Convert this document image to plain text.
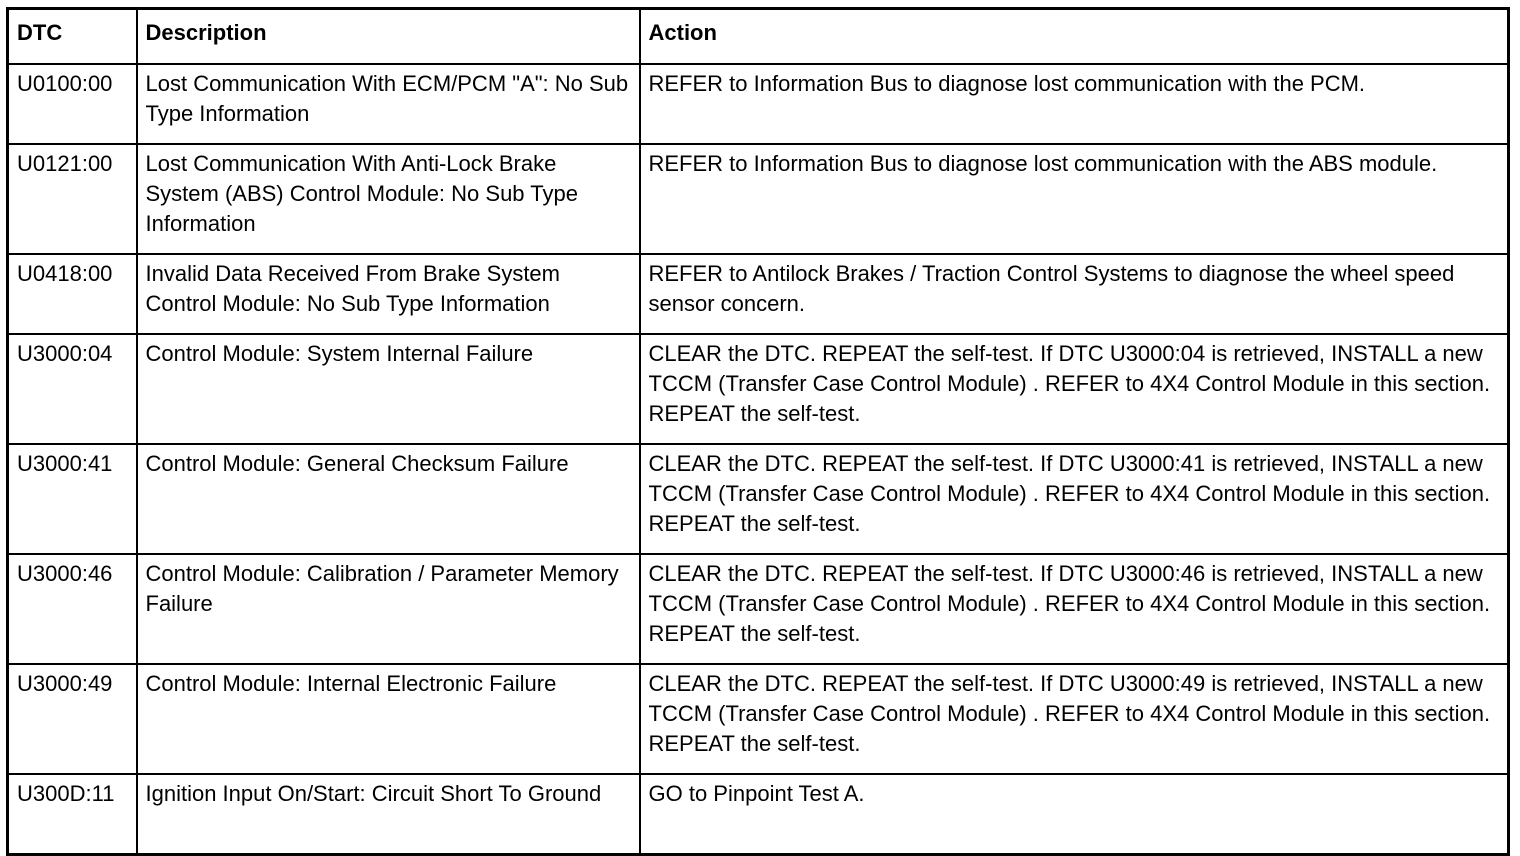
DTC	Description	Action
U0100:00	Lost Communication With ECM/PCM "A": No Sub Type Information	REFER to Information Bus to diagnose lost communication with the PCM.
U0121:00	Lost Communication With Anti-Lock Brake System (ABS) Control Module: No Sub Type Information	REFER to Information Bus to diagnose lost communication with the ABS module.
U0418:00	Invalid Data Received From Brake System Control Module: No Sub Type Information	REFER to Antilock Brakes / Traction Control Systems to diagnose the wheel speed sensor concern.
U3000:04	Control Module: System Internal Failure	CLEAR the DTC. REPEAT the self-test. If DTC U3000:04 is retrieved, INSTALL a new TCCM (Transfer Case Control Module) . REFER to 4X4 Control Module in this section. REPEAT the self-test.
U3000:41	Control Module: General Checksum Failure	CLEAR the DTC. REPEAT the self-test. If DTC U3000:41 is retrieved, INSTALL a new TCCM (Transfer Case Control Module) . REFER to 4X4 Control Module in this section. REPEAT the self-test.
U3000:46	Control Module: Calibration / Parameter Memory Failure	CLEAR the DTC. REPEAT the self-test. If DTC U3000:46 is retrieved, INSTALL a new TCCM (Transfer Case Control Module) . REFER to 4X4 Control Module in this section. REPEAT the self-test.
U3000:49	Control Module: Internal Electronic Failure	CLEAR the DTC. REPEAT the self-test. If DTC U3000:49 is retrieved, INSTALL a new TCCM (Transfer Case Control Module) . REFER to 4X4 Control Module in this section. REPEAT the self-test.
U300D:11	Ignition Input On/Start: Circuit Short To Ground	GO to Pinpoint Test A.
